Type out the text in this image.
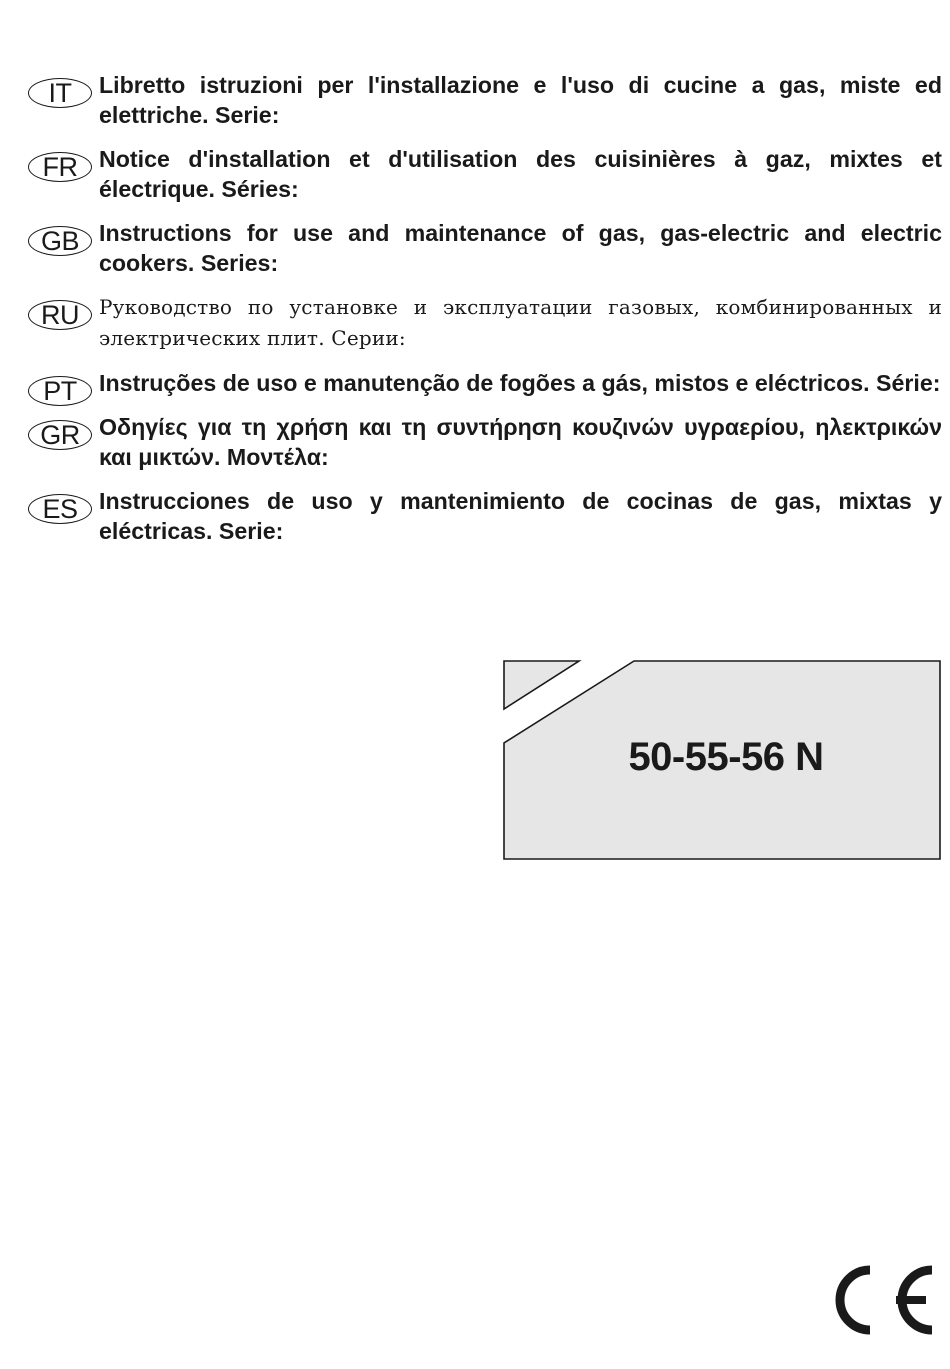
IT	Libretto istruzioni per l'installazione e l'uso di cucine a gas, miste ed elettriche. Serie:

FR Notice d'installation et d'utilisation des cuisinières à gaz, mixtes et électrique. Séries:

GB Instructions for use and maintenance of gas, gas-electric and electric cookers. Series:

RU	Руководство по установке и эксплуатации газовых, комбинированных и электрических плит. Серии:

PT Instruções de uso e manutenção de fogões a gás, mistos e eléctricos. Série:

GR Οδηγίες για τη χρήση και τη συντήρηση κουζινών υγραερίου, ηλεκτρικών και μικτών. Μοντέλα:

ES Instrucciones de uso y mantenimiento de cocinas de gas, mixtas y eléctricas. Serie:

50-55-56 N
